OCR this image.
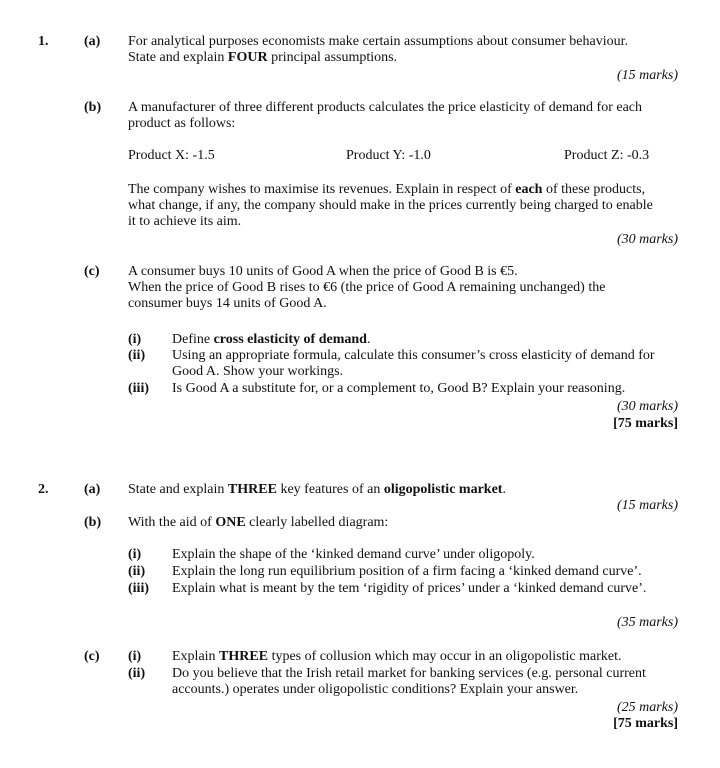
1.	(a) For analytical purposes economists make certain assumptions about consumer behaviour.
State and explain FOUR principal assumptions.
(15 marks)
(b) A manufacturer of three different products calculates the price elasticity of demand for each
product as follows:
Product X: -1.5	Product Y: -1.0	Product Z: -0.3
The company wishes to maximise its revenues. Explain in respect of each of these products,
what change, if any, the company should make in the prices currently being charged to enable
it to achieve its aim.
(30 marks)
(c) A consumer buys 10 units of Good A when the price of Good B is €5.
When the price of Good B rises to €6 (the price of Good A remaining unchanged) the
consumer buys 14 units of Good A.
(i) Define cross elasticity of demand.
(ii) Using an appropriate formula, calculate this consumer’s cross elasticity of demand for
Good A. Show your workings.
(iii) Is Good A a substitute for, or a complement to, Good B? Explain your reasoning.
(30 marks)
[75 marks]
2.	(a) State and explain THREE key features of an oligopolistic market.
(15 marks)
(b) With the aid of ONE clearly labelled diagram:
(i) Explain the shape of the ‘kinked demand curve’ under oligopoly.
(ii) Explain the long run equilibrium position of a firm facing a ‘kinked demand curve’.
(iii) Explain what is meant by the tem ‘rigidity of prices’ under a ‘kinked demand curve’.
(35 marks)
(c) (i) Explain THREE types of collusion which may occur in an oligopolistic market.
(ii) Do you believe that the Irish retail market for banking services (e.g. personal current
accounts.) operates under oligopolistic conditions? Explain your answer.
(25 marks)
[75 marks]
